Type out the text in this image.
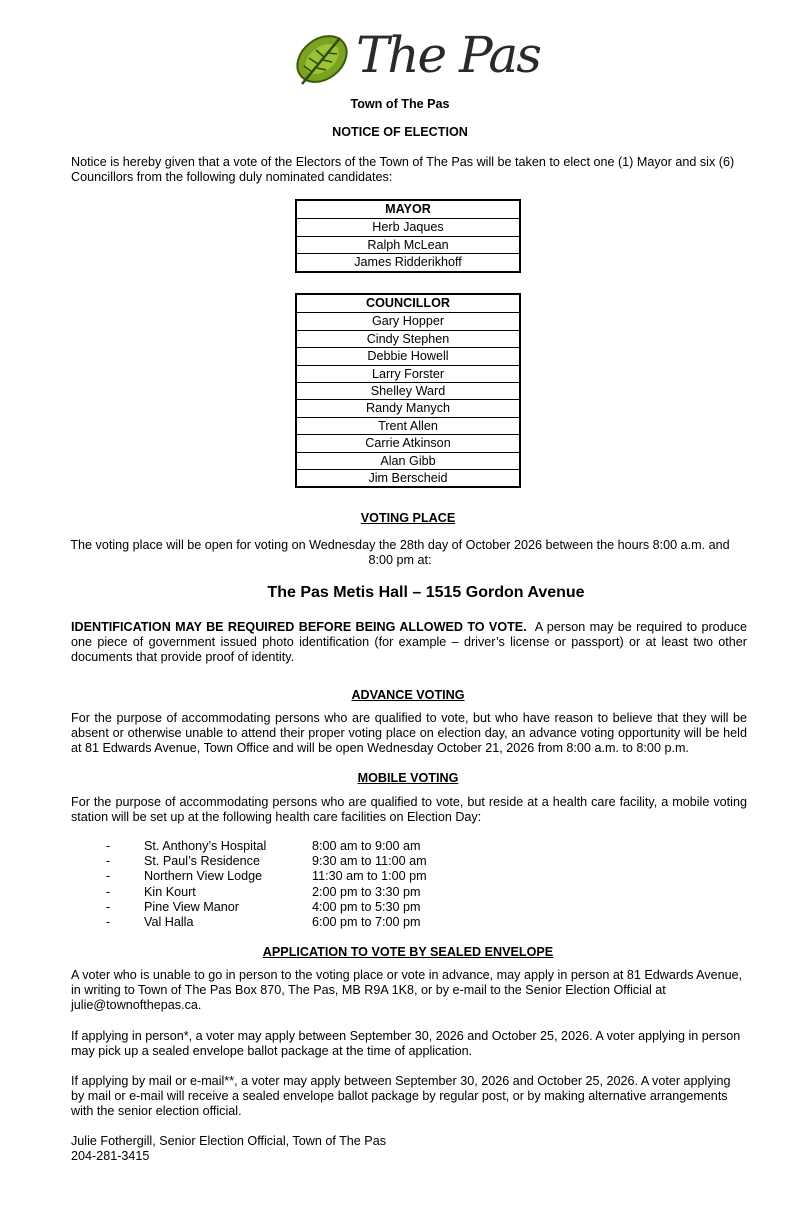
The Pas
Town of The Pas
NOTICE OF ELECTION
Notice is hereby given that a vote of the Electors of the Town of The Pas will be taken to elect one (1) Mayor and six (6) Councillors from the following duly nominated candidates:
MAYOR
Herb Jaques
Ralph McLean
James Ridderikhoff
COUNCILLOR
Gary Hopper
Cindy Stephen
Debbie Howell
Larry Forster
Shelley Ward
Randy Manych
Trent Allen
Carrie Atkinson
Alan Gibb
Jim Berscheid
VOTING PLACE
The voting place will be open for voting on Wednesday the 28th day of October 2026 between the hours 8:00 a.m. and 8:00 pm at:
The Pas Metis Hall – 1515 Gordon Avenue
IDENTIFICATION MAY BE REQUIRED BEFORE BEING ALLOWED TO VOTE. A person may be required to produce one piece of government issued photo identification (for example – driver’s license or passport) or at least two other documents that provide proof of identity.
ADVANCE VOTING
For the purpose of accommodating persons who are qualified to vote, but who have reason to believe that they will be absent or otherwise unable to attend their proper voting place on election day, an advance voting opportunity will be held at 81 Edwards Avenue, Town Office and will be open Wednesday October 21, 2026 from 8:00 a.m. to 8:00 p.m.
MOBILE VOTING
For the purpose of accommodating persons who are qualified to vote, but reside at a health care facility, a mobile voting station will be set up at the following health care facilities on Election Day:
-	St. Anthony’s Hospital	8:00 am to 9:00 am
-	St. Paul’s Residence	9:30 am to 11:00 am
-	Northern View Lodge	11:30 am to 1:00 pm
-	Kin Kourt	2:00 pm to 3:30 pm
-	Pine View Manor	4:00 pm to 5:30 pm
-	Val Halla	6:00 pm to 7:00 pm
APPLICATION TO VOTE BY SEALED ENVELOPE
A voter who is unable to go in person to the voting place or vote in advance, may apply in person at 81 Edwards Avenue, in writing to Town of The Pas Box 870, The Pas, MB R9A 1K8, or by e-mail to the Senior Election Official at julie@townofthepas.ca.
If applying in person*, a voter may apply between September 30, 2026 and October 25, 2026. A voter applying in person may pick up a sealed envelope ballot package at the time of application.
If applying by mail or e-mail**, a voter may apply between September 30, 2026 and October 25, 2026. A voter applying by mail or e-mail will receive a sealed envelope ballot package by regular post, or by making alternative arrangements with the senior election official.
Julie Fothergill, Senior Election Official, Town of The Pas
204-281-3415
